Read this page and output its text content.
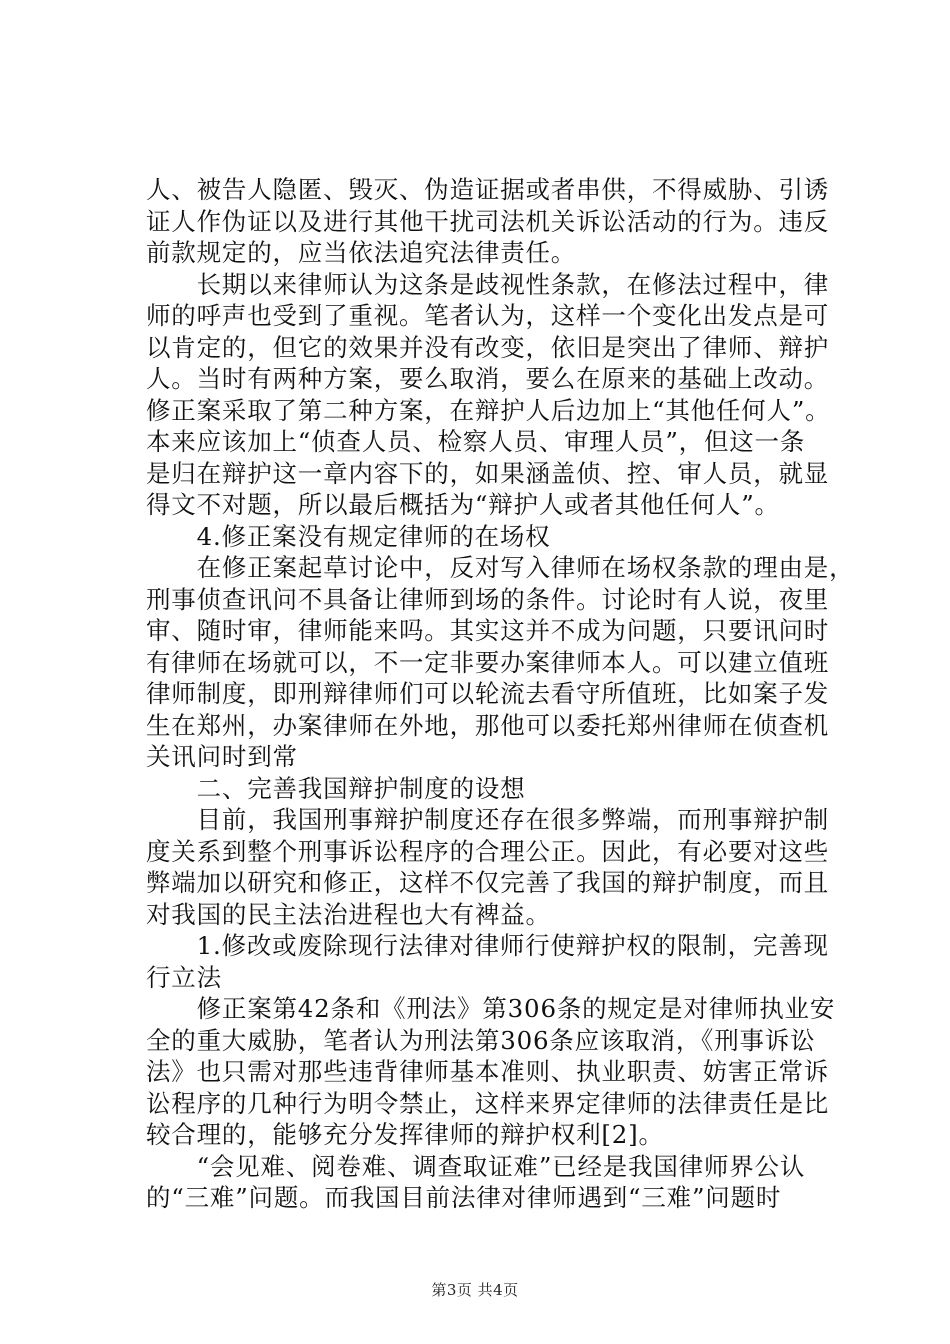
人、被告人隐匿、毁灭、伪造证据或者串供，不得威胁、引诱
证人作伪证以及进行其他干扰司法机关诉讼活动的行为。违反
前款规定的，应当依法追究法律责任。
　　长期以来律师认为这条是歧视性条款，在修法过程中，律
师的呼声也受到了重视。笔者认为，这样一个变化出发点是可
以肯定的，但它的效果并没有改变，依旧是突出了律师、辩护
人。当时有两种方案，要么取消，要么在原来的基础上改动。
修正案采取了第二种方案，在辩护人后边加上“其他任何人”。
本来应该加上“侦查人员、检察人员、审理人员”，但这一条
是归在辩护这一章内容下的，如果涵盖侦、控、审人员，就显
得文不对题，所以最后概括为“辩护人或者其他任何人”。
　　4.修正案没有规定律师的在场权
　　在修正案起草讨论中，反对写入律师在场权条款的理由是，
刑事侦查讯问不具备让律师到场的条件。讨论时有人说，夜里
审、随时审，律师能来吗。其实这并不成为问题，只要讯问时
有律师在场就可以，不一定非要办案律师本人。可以建立值班
律师制度，即刑辩律师们可以轮流去看守所值班，比如案子发
生在郑州，办案律师在外地，那他可以委托郑州律师在侦查机
关讯问时到常
　　二、完善我国辩护制度的设想
　　目前，我国刑事辩护制度还存在很多弊端，而刑事辩护制
度关系到整个刑事诉讼程序的合理公正。因此，有必要对这些
弊端加以研究和修正，这样不仅完善了我国的辩护制度，而且
对我国的民主法治进程也大有裨益。
　　1.修改或废除现行法律对律师行使辩护权的限制，完善现
行立法
　　修正案第42条和《刑法》第306条的规定是对律师执业安
全的重大威胁，笔者认为刑法第306条应该取消，《刑事诉讼
法》也只需对那些违背律师基本准则、执业职责、妨害正常诉
讼程序的几种行为明令禁止，这样来界定律师的法律责任是比
较合理的，能够充分发挥律师的辩护权利[2]。
　　“会见难、阅卷难、调查取证难”已经是我国律师界公认
的“三难”问题。而我国目前法律对律师遇到“三难”问题时
第3页 共4页
